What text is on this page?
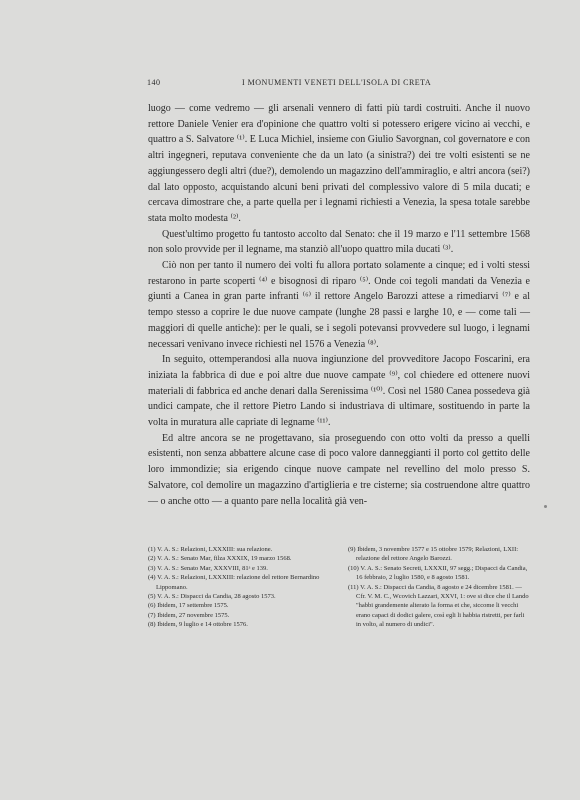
140	I MONUMENTI VENETI DELL'ISOLA DI CRETA

luogo — come vedremo — gli arsenali vennero di fatti più tardi costruiti. Anche il nuovo rettore Daniele Venier era d'opinione che quattro volti si potessero erigere vicino ai vecchi, e quattro a S. Salvatore ⁽¹⁾. E Luca Michiel, insieme con Giulio Savorgnan, col governatore e con altri ingegneri, reputava conveniente che da un lato (a sinistra?) dei tre volti esistenti se ne aggiungessero degli altri (due?), demolendo un magazzino dell'ammiraglio, e altri ancora (sei?) dal lato opposto, acquistando alcuni beni privati del complessivo valore di 5 mila ducati; e cercava dimostrare che, a parte quella per i legnami richiesti a Venezia, la spesa totale sarebbe stata molto modesta ⁽²⁾.

Quest'ultimo progetto fu tantosto accolto dal Senato: che il 19 marzo e l'11 settembre 1568 non solo provvide per il legname, ma stanziò all'uopo quattro mila ducati ⁽³⁾.

Ciò non per tanto il numero dei volti fu allora portato solamente a cinque; ed i volti stessi restarono in parte scoperti ⁽⁴⁾ e bisognosi di riparo ⁽⁵⁾. Onde coi tegoli mandati da Venezia e giunti a Canea in gran parte infranti ⁽⁶⁾ il rettore Angelo Barozzi attese a rimediarvi ⁽⁷⁾ e al tempo stesso a coprire le due nuove campate (lunghe 28 passi e larghe 10, e — come tali — maggiori di quelle antiche): per le quali, se i segoli potevansi provvedere sul luogo, i legnami necessari venivano invece richiesti nel 1576 a Venezia ⁽⁸⁾.

In seguito, ottemperandosi alla nuova ingiunzione del provveditore Jacopo Foscarini, era iniziata la fabbrica di due e poi altre due nuove campate ⁽⁹⁾, col chiedere ed ottenere nuovi materiali di fabbrica ed anche denari dalla Serenissima ⁽¹⁰⁾. Così nel 1580 Canea possedeva già undici campate, che il rettore Pietro Lando si industriava di ultimare, sostituendo in parte la volta in muratura alle capriate di legname ⁽¹¹⁾.

Ed altre ancora se ne progettavano, sia proseguendo con otto volti da presso a quelli esistenti, non senza abbattere alcune case di poco valore danneggianti il porto col gettito delle loro immondizie; sia erigendo cinque nuove campate nel revellino del molo presso S. Salvatore, col demolire un magazzino d'artiglieria e tre cisterne; sia costruendone altre quattro — o anche otto — a quanto pare nella località già ven-

(1) V. A. S.: Relazioni, LXXXIII: sua relazione.

(2) V. A. S.: Senato Mar, filza XXXIX, 19 marzo 1568.

(3) V. A. S.: Senato Mar, XXXVIII, 81ᵃ e 139.

(4) V. A. S.: Relazioni, LXXXIII: relazione del rettore Bernardino Lippomano.

(5) V. A. S.: Dispacci da Candia, 28 agosto 1573.

(6) Ibidem, 17 settembre 1575.

(7) Ibidem, 27 novembre 1575.

(8) Ibidem, 9 luglio e 14 ottobre 1576.

(9) Ibidem, 3 novembre 1577 e 15 ottobre 1579; Relazioni, LXII: relazione del rettore Angelo Barozzi.

(10) V. A. S.: Senato Secreti, LXXXII, 97 segg.; Dispacci da Candia, 16 febbraio, 2 luglio 1580, e 8 agosto 1581.

(11) V. A. S.: Dispacci da Candia, 8 agosto e 24 dicembre 1581. — Cfr. V. M. C., Wcovich Lazzari, XXVI, 1: ove si dice che il Lando "habbi grandemente alterato la forma et che, siccome li vecchi erano capaci di dodici galere, così egli li habbia ristretti, per farli in volto, al numero di undici".
